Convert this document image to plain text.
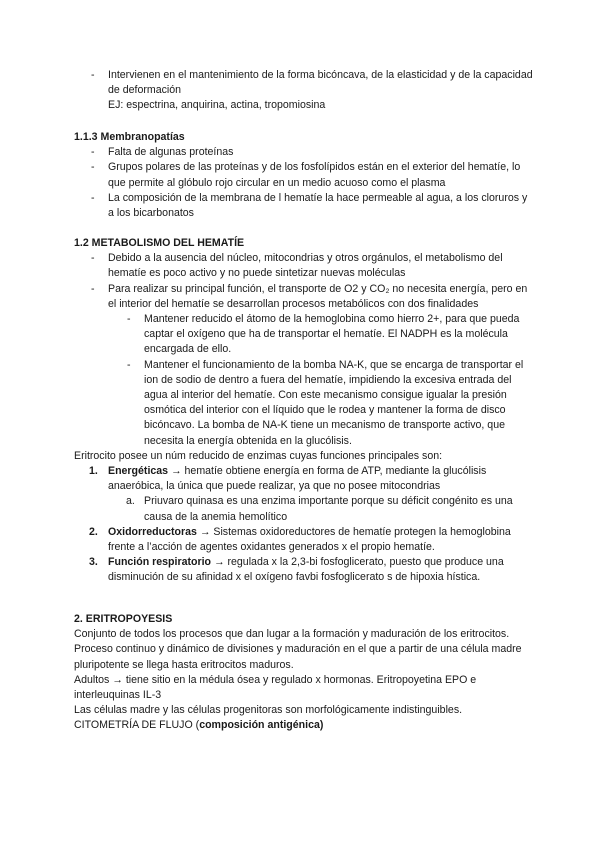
- Intervienen en el mantenimiento de la forma bicóncava, de la elasticidad y de la capacidad de deformación
EJ: espectrina, anquirina, actina, tropomiosina

1.1.3 Membranopatías

- Falta de algunas proteínas

- Grupos polares de las proteínas y de los fosfolípidos están en el exterior del hematíe, lo que permite al glóbulo rojo circular en un medio acuoso como el plasma

- La composición de la membrana de l hematíe la hace permeable al agua, a los cloruros y a los bicarbonatos

1.2 METABOLISMO DEL HEMATÍE

- Debido a la ausencia del núcleo, mitocondrias y otros orgánulos, el metabolismo del hematíe es poco activo y no puede sintetizar nuevas moléculas

- Para realizar su principal función, el transporte de O2 y CO₂ no necesita energía, pero en el interior del hematíe se desarrollan procesos metabólicos con dos finalidades

- Mantener reducido el átomo de la hemoglobina como hierro 2+, para que pueda captar el oxígeno que ha de transportar el hematíe. El NADPH es la molécula encargada de ello.

- Mantener el funcionamiento de la bomba NA-K, que se encarga de transportar el ion de sodio de dentro a fuera del hematíe, impidiendo la excesiva entrada del agua al interior del hematíe. Con este mecanismo consigue igualar la presión osmótica del interior con el líquido que le rodea y mantener la forma de disco bicóncavo. La bomba de NA-K tiene un mecanismo de transporte activo, que necesita la energía obtenida en la glucólisis.

Eritrocito posee un núm reducido de enzimas cuyas funciones principales son:

1. Energéticas → hematíe obtiene energía en forma de ATP, mediante la glucólisis anaeróbica, la única que puede realizar, ya que no posee mitocondrias

a. Priuvaro quinasa es una enzima importante porque su déficit congénito es una causa de la anemia hemolítico

2. Oxidorreductoras → Sistemas oxidoreductores de hematíe protegen la hemoglobina frente a l’acción de agentes oxidantes generados x el propio hematíe.

3. Función respiratorio → regulada x la 2,3-bi fosfoglicerato, puesto que produce una disminución de su afinidad x el oxígeno favbi fosfoglicerato s de hipoxia hística.

2. ERITROPOYESIS

Conjunto de todos los procesos que dan lugar a la formación y maduración de los eritrocitos. Proceso continuo y dinámico de divisiones y maduración en el que a partir de una célula madre pluripotente se llega hasta eritrocitos maduros.

Adultos → tiene sitio en la médula ósea y regulado x hormonas. Eritropoyetina EPO e interleuquinas IL-3

Las células madre y las células progenitoras son morfológicamente indistinguibles.

CITOMETRÍA DE FLUJO (composición antigénica)
